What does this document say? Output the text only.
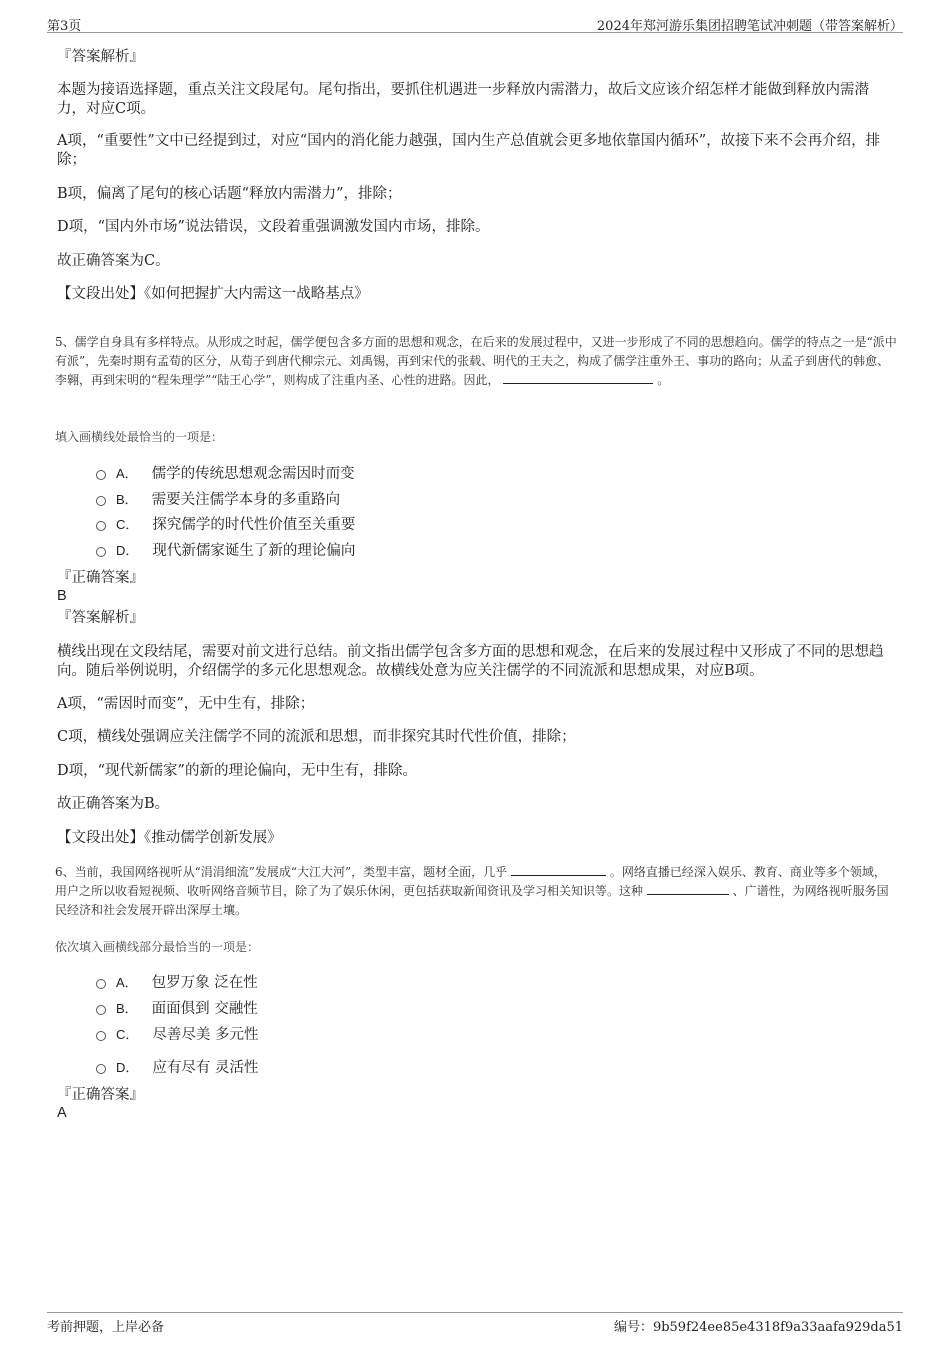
第3页	2024年郑河游乐集团招聘笔试冲刺题（带答案解析）
『答案解析』
本题为接语选择题，重点关注文段尾句。尾句指出，要抓住机遇进一步释放内需潜力，故后文应该介绍怎样才能做到释放内需潜力，对应C项。
A项，“重要性”文中已经提到过，对应“国内的消化能力越强，国内生产总值就会更多地依靠国内循环”，故接下来不会再介绍，排除；
B项，偏离了尾句的核心话题“释放内需潜力”，排除；
D项，“国内外市场”说法错误，文段着重强调激发国内市场，排除。
故正确答案为C。
【文段出处】《如何把握扩大内需这一战略基点》
5、儒学自身具有多样特点。从形成之时起，儒学便包含多方面的思想和观念，在后来的发展过程中，又进一步形成了不同的思想趋向。儒学的特点之一是“派中有派”，先秦时期有孟荀的区分，从荀子到唐代柳宗元、刘禹锡，再到宋代的张载、明代的王夫之，构成了儒学注重外王、事功的路向；从孟子到唐代的韩愈、李翱，再到宋明的“程朱理学”“陆王心学”，则构成了注重内圣、心性的进路。因此，	。
填入画横线处最恰当的一项是：
A． 儒学的传统思想观念需因时而变
B． 需要关注儒学本身的多重路向
C． 探究儒学的时代性价值至关重要
D． 现代新儒家诞生了新的理论偏向
『正确答案』
B
『答案解析』
横线出现在文段结尾，需要对前文进行总结。前文指出儒学包含多方面的思想和观念，在后来的发展过程中又形成了不同的思想趋向。随后举例说明，介绍儒学的多元化思想观念。故横线处意为应关注儒学的不同流派和思想成果，对应B项。
A项，“需因时而变”，无中生有，排除；
C项，横线处强调应关注儒学不同的流派和思想，而非探究其时代性价值，排除；
D项，“现代新儒家”的新的理论偏向，无中生有，排除。
故正确答案为B。
【文段出处】《推动儒学创新发展》
6、当前，我国网络视听从“涓涓细流”发展成“大江大河”，类型丰富，题材全面，几乎	。网络直播已经深入娱乐、教育、商业等多个领域，用户之所以收看短视频、收听网络音频节目，除了为了娱乐休闲，更包括获取新闻资讯及学习相关知识等。这种	、广谱性，为网络视听服务国民经济和社会发展开辟出深厚土壤。
依次填入画横线部分最恰当的一项是：
A． 包罗万象 泛在性
B． 面面俱到 交融性
C． 尽善尽美 多元性
D． 应有尽有 灵活性
『正确答案』
A
考前押题，上岸必备	编号：9b59f24ee85e4318f9a33aafa929da51
